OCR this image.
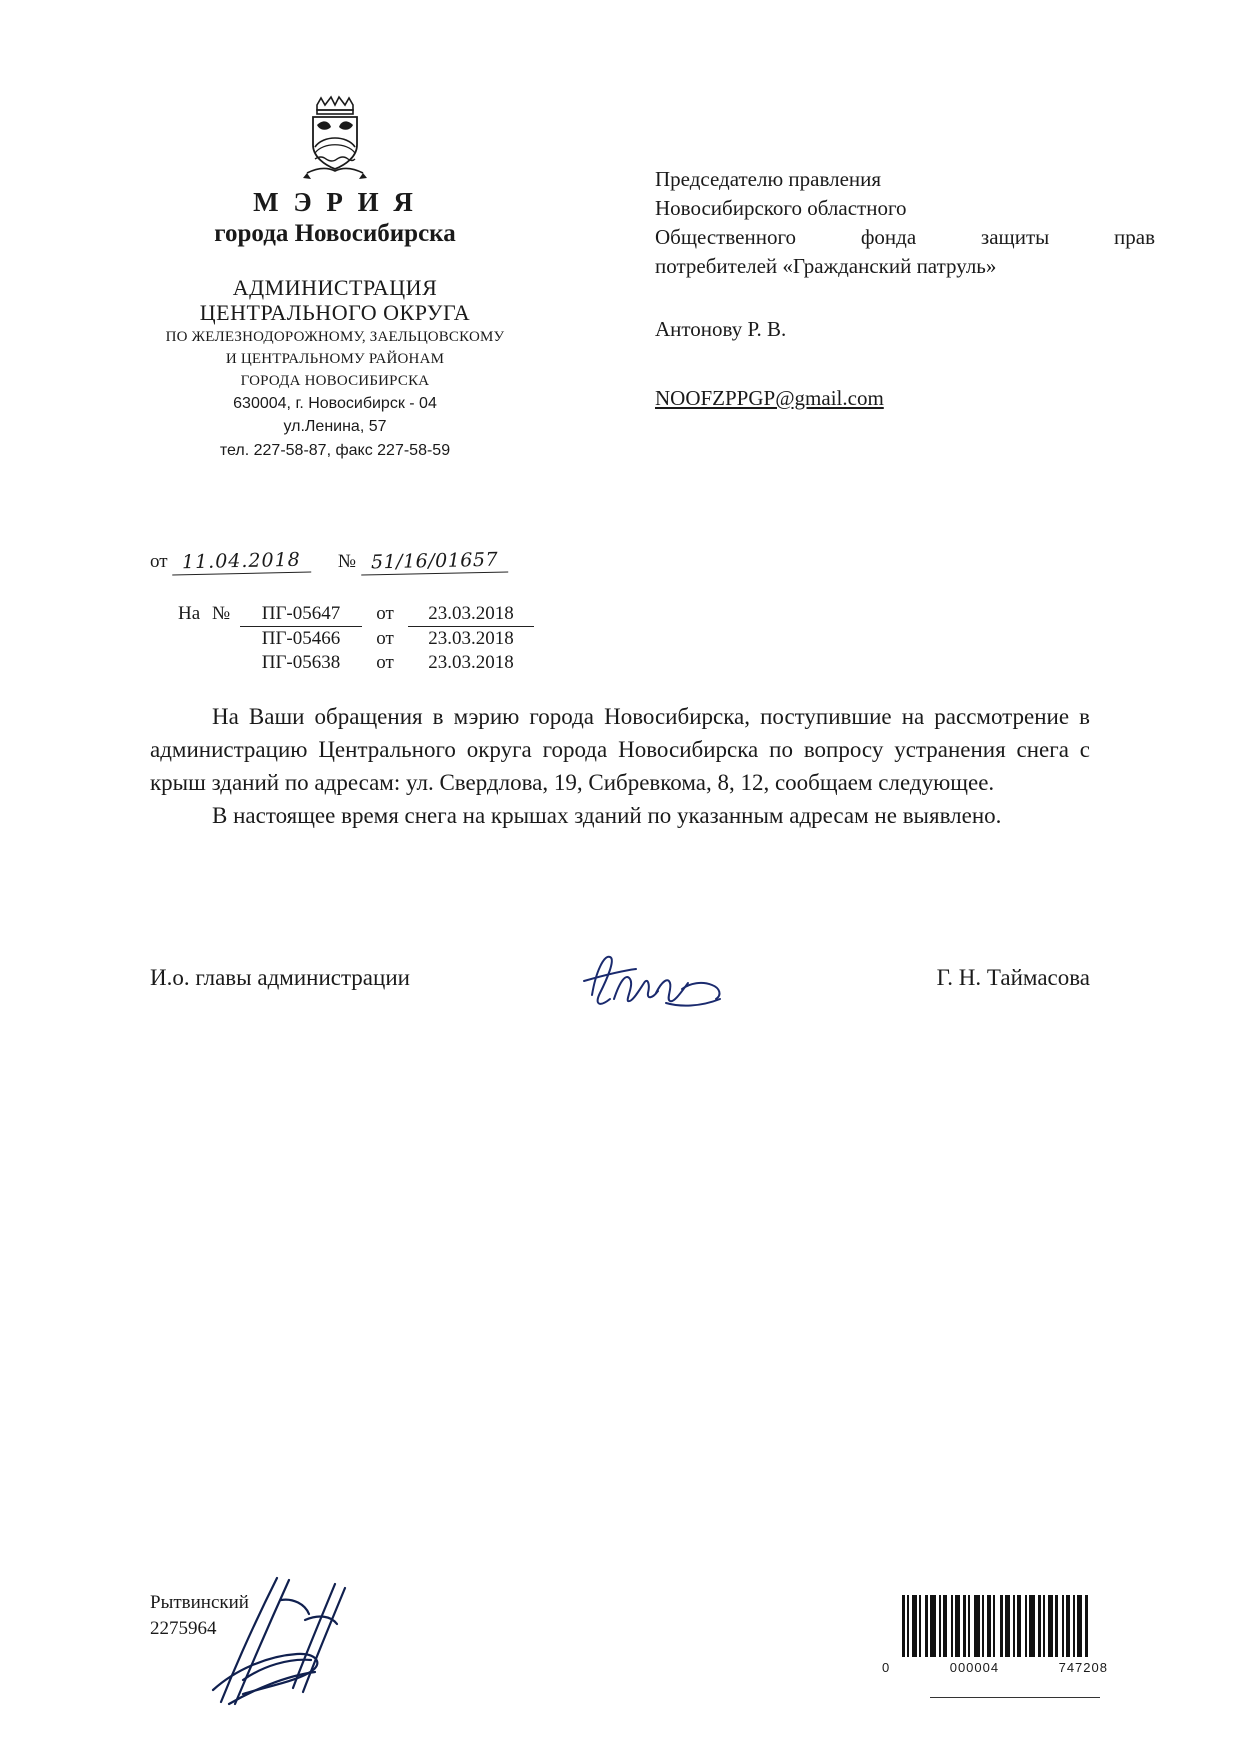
М Э Р И Я
города Новосибирска
АДМИНИСТРАЦИЯ
ЦЕНТРАЛЬНОГО ОКРУГА
ПО ЖЕЛЕЗНОДОРОЖНОМУ, ЗАЕЛЬЦОВСКОМУ
И ЦЕНТРАЛЬНОМУ РАЙОНАМ
ГОРОДА НОВОСИБИРСКА
630004, г. Новосибирск - 04
ул.Ленина, 57
тел. 227-58-87, факс 227-58-59
от 11.04.2018 № 51/16/01657
На	№	ПГ-05647	от	23.03.2018
		ПГ-05466	от	23.03.2018
		ПГ-05638	от	23.03.2018
Председателю правления
Новосибирского областного
Общественного фонда защиты прав
потребителей «Гражданский патруль»
Антонову Р. В.
NOOFZPPGP@gmail.com

На Ваши обращения в мэрию города Новосибирска, поступившие на рассмотрение в администрацию Центрального округа города Новосибирска по вопросу устранения снега с крыш зданий по адресам: ул. Свердлова, 19, Сибревкома, 8, 12, сообщаем следующее.

В настоящее время снега на крышах зданий по указанным адресам не выявлено.

И.о. главы администрации	Г. Н. Таймасова
Рытвинский
2275964
0	000004	747208
